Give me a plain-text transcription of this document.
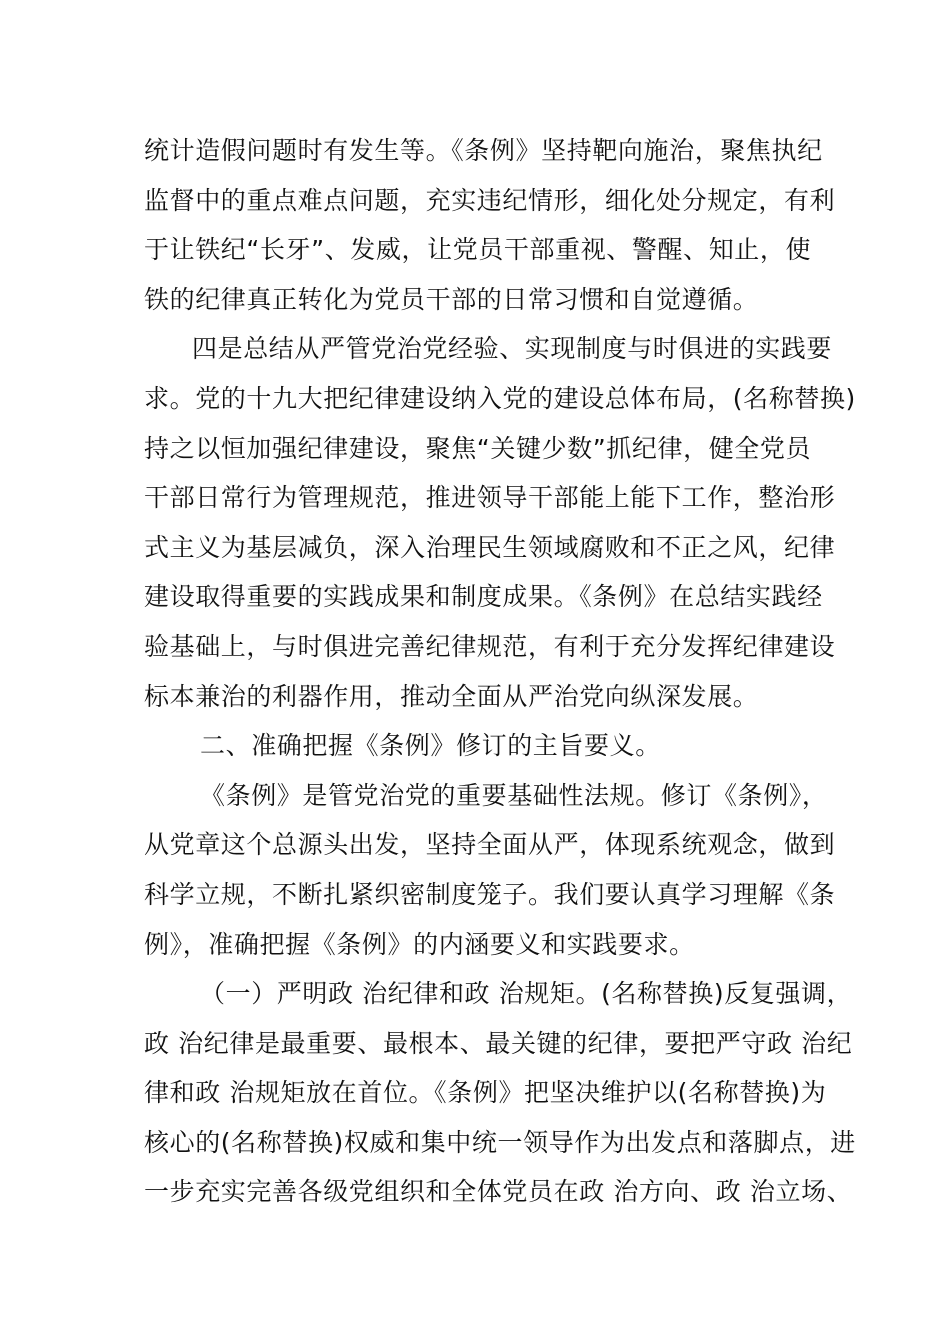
统计造假问题时有发生等。《条例》坚持靶向施治，聚焦执纪
监督中的重点难点问题，充实违纪情形，细化处分规定，有利
于让铁纪“长牙”、发威，让党员干部重视、警醒、知止，使
铁的纪律真正转化为党员干部的日常习惯和自觉遵循。
四是总结从严管党治党经验、实现制度与时俱进的实践要
求。党的十九大把纪律建设纳入党的建设总体布局，(名称替换)
持之以恒加强纪律建设，聚焦“关键少数”抓纪律，健全党员
干部日常行为管理规范，推进领导干部能上能下工作，整治形
式主义为基层减负，深入治理民生领域腐败和不正之风，纪律
建设取得重要的实践成果和制度成果。《条例》在总结实践经
验基础上，与时俱进完善纪律规范，有利于充分发挥纪律建设
标本兼治的利器作用，推动全面从严治党向纵深发展。
二、准确把握《条例》修订的主旨要义。
《条例》是管党治党的重要基础性法规。修订《条例》，
从党章这个总源头出发，坚持全面从严，体现系统观念，做到
科学立规，不断扎紧织密制度笼子。我们要认真学习理解《条
例》，准确把握《条例》的内涵要义和实践要求。
（一）严明政 治纪律和政 治规矩。(名称替换)反复强调，
政 治纪律是最重要、最根本、最关键的纪律，要把严守政 治纪
律和政 治规矩放在首位。《条例》把坚决维护以(名称替换)为
核心的(名称替换)权威和集中统一领导作为出发点和落脚点，进
一步充实完善各级党组织和全体党员在政 治方向、政 治立场、
